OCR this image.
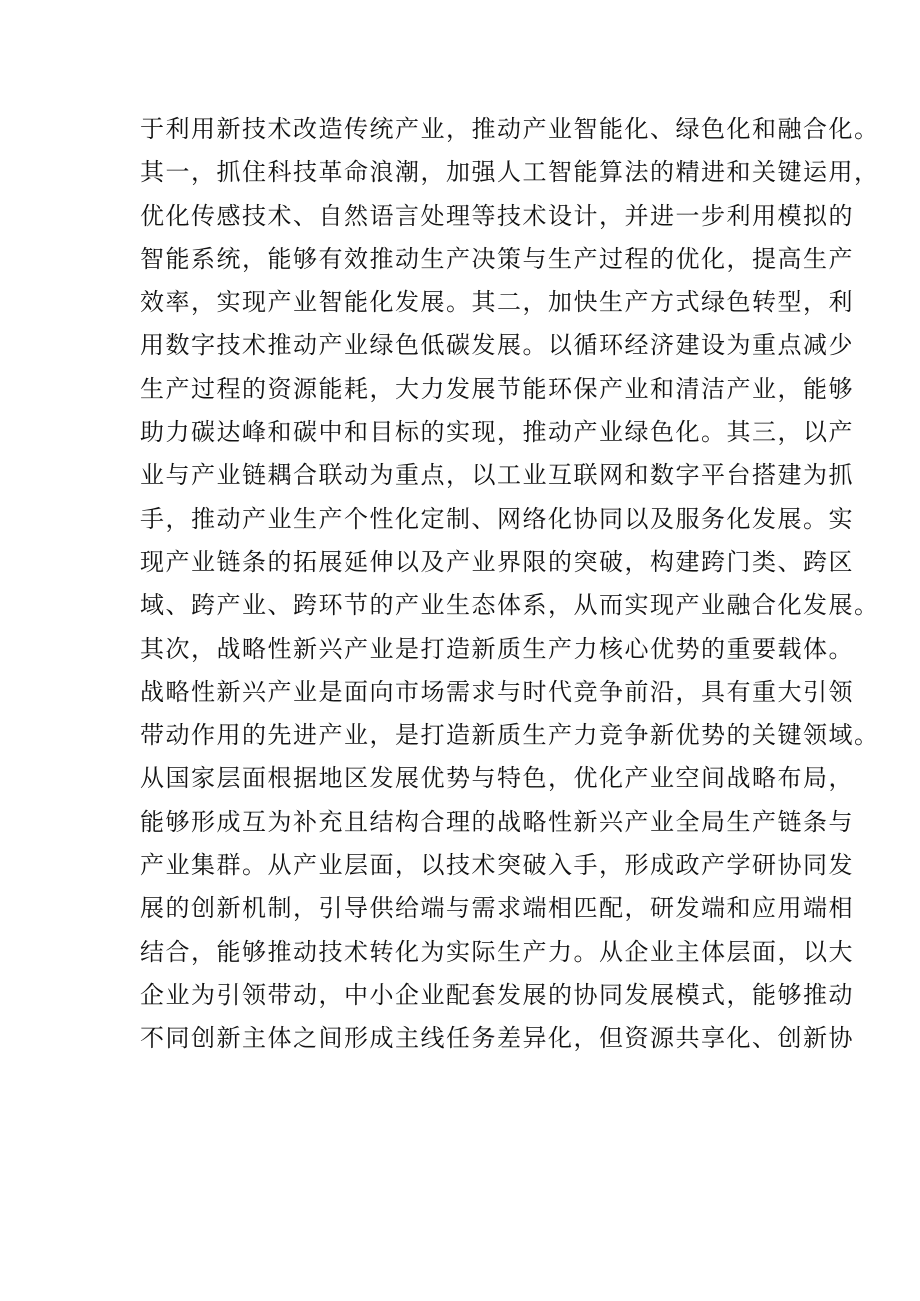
于利用新技术改造传统产业，推动产业智能化、绿色化和融合化。
其一，抓住科技革命浪潮，加强人工智能算法的精进和关键运用，
优化传感技术、自然语言处理等技术设计，并进一步利用模拟的
智能系统，能够有效推动生产决策与生产过程的优化，提高生产
效率，实现产业智能化发展。其二，加快生产方式绿色转型，利
用数字技术推动产业绿色低碳发展。以循环经济建设为重点减少
生产过程的资源能耗，大力发展节能环保产业和清洁产业，能够
助力碳达峰和碳中和目标的实现，推动产业绿色化。其三，以产
业与产业链耦合联动为重点，以工业互联网和数字平台搭建为抓
手，推动产业生产个性化定制、网络化协同以及服务化发展。实
现产业链条的拓展延伸以及产业界限的突破，构建跨门类、跨区
域、跨产业、跨环节的产业生态体系，从而实现产业融合化发展。
其次，战略性新兴产业是打造新质生产力核心优势的重要载体。
战略性新兴产业是面向市场需求与时代竞争前沿，具有重大引领
带动作用的先进产业，是打造新质生产力竞争新优势的关键领域。
从国家层面根据地区发展优势与特色，优化产业空间战略布局，
能够形成互为补充且结构合理的战略性新兴产业全局生产链条与
产业集群。从产业层面，以技术突破入手，形成政产学研协同发
展的创新机制，引导供给端与需求端相匹配，研发端和应用端相
结合，能够推动技术转化为实际生产力。从企业主体层面，以大
企业为引领带动，中小企业配套发展的协同发展模式，能够推动
不同创新主体之间形成主线任务差异化，但资源共享化、创新协
